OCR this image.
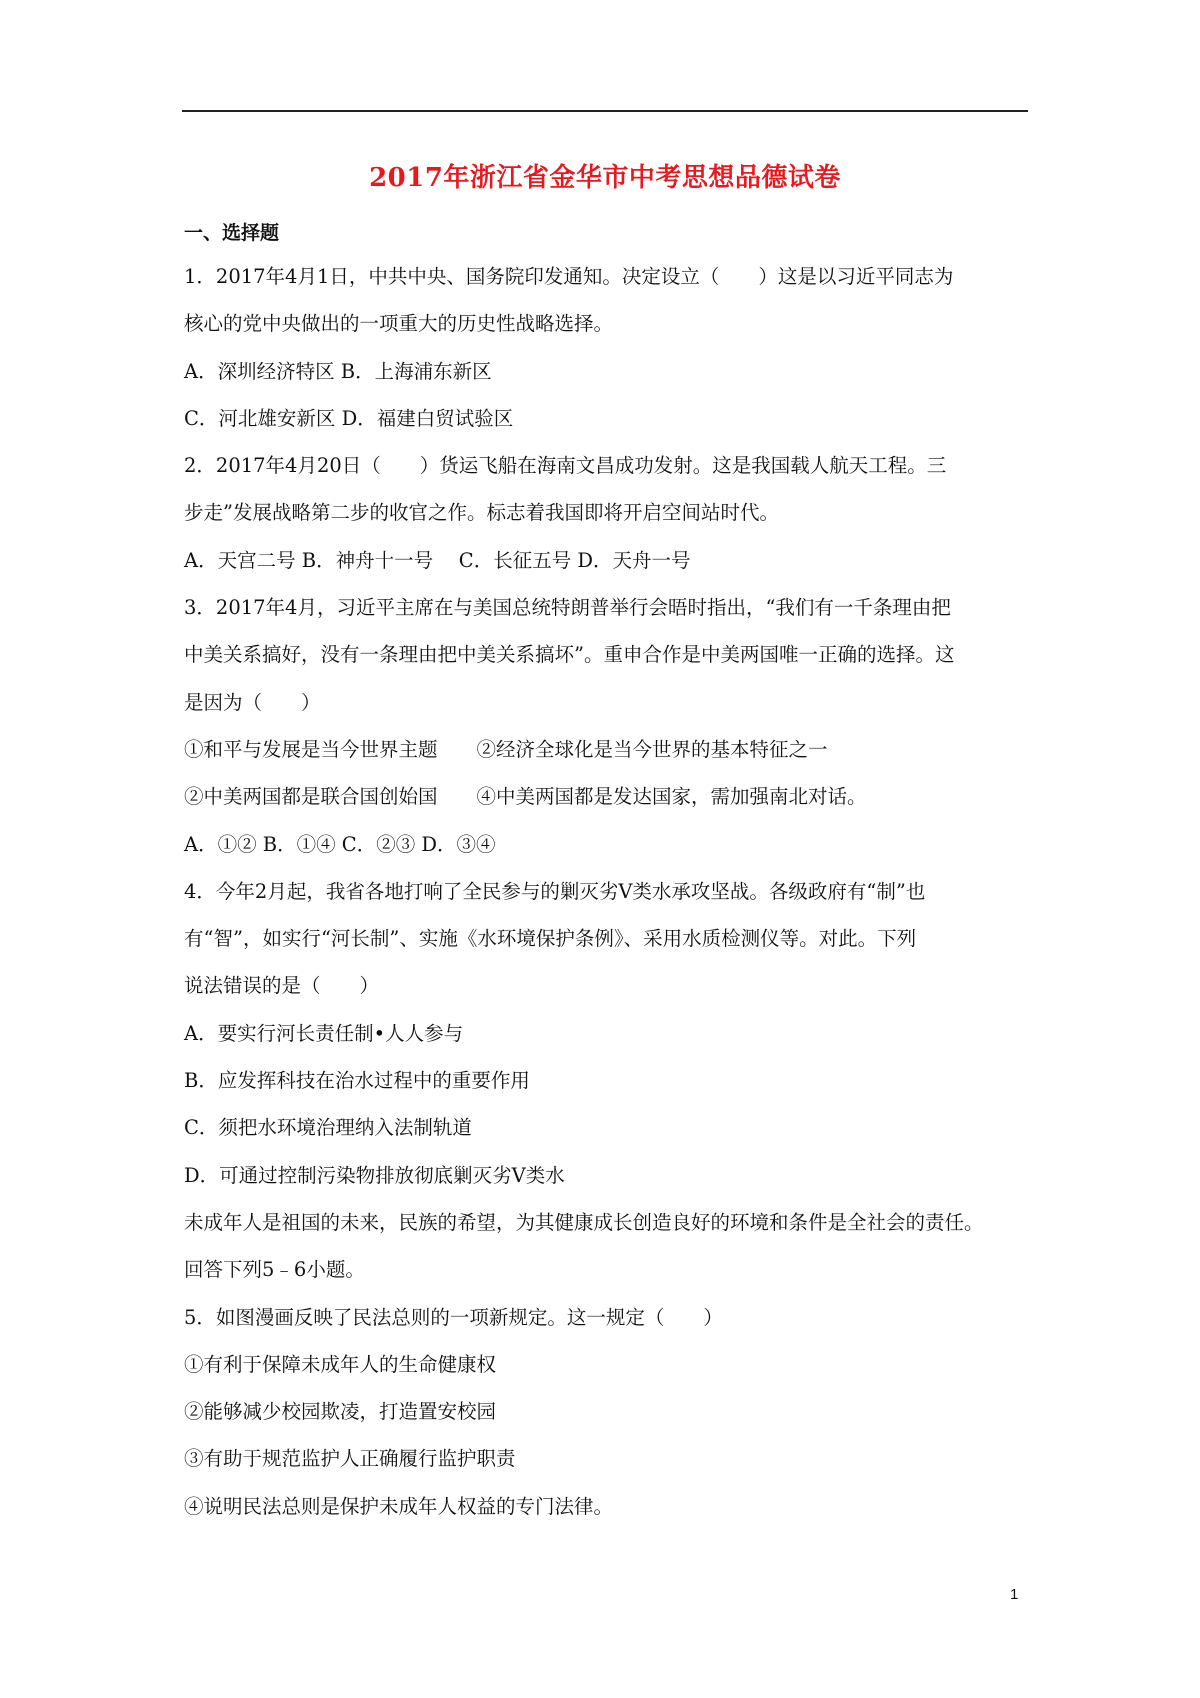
2017年浙江省金华市中考思想品德试卷
一、选择题
1．2017年4月1日，中共中央、国务院印发通知。决定设立（　　）这是以习近平同志为
核心的党中央做出的一项重大的历史性战略选择。
A．深圳经济特区 B．上海浦东新区
C．河北雄安新区 D．福建白贸试验区
2．2017年4月20日（　　）货运飞船在海南文昌成功发射。这是我国载人航天工程。三
步走”发展战略第二步的收官之作。标志着我国即将开启空间站时代。
A．天宫二号 B．神舟十一号　 C．长征五号 D．天舟一号
3．2017年4月，习近平主席在与美国总统特朗普举行会晤时指出，“我们有一千条理由把
中美关系搞好，没有一条理由把中美关系搞坏”。重申合作是中美两国唯一正确的选择。这
是因为（　　）
①和平与发展是当今世界主题　　②经济全球化是当今世界的基本特征之一
②中美两国都是联合国创始国　　④中美两国都是发达国家，需加强南北对话。
A．①② B．①④ C．②③ D．③④
4．今年2月起，我省各地打响了全民参与的剿灭劣Ⅴ类水承攻坚战。各级政府有“制”也
有“智”，如实行“河长制”、实施《水环境保护条例》、采用水质检测仪等。对此。下列
说法错误的是（　　）
A．要实行河长责任制•人人参与
B．应发挥科技在治水过程中的重要作用
C．须把水环境治理纳入法制轨道
D．可通过控制污染物排放彻底剿灭劣Ⅴ类水
未成年人是祖国的未来，民族的希望，为其健康成长创造良好的环境和条件是全社会的责任。
回答下列5﹣6小题。
5．如图漫画反映了民法总则的一项新规定。这一规定（　　）
①有利于保障未成年人的生命健康权
②能够减少校园欺凌，打造置安校园
③有助于规范监护人正确履行监护职责
④说明民法总则是保护未成年人权益的专门法律。
1
